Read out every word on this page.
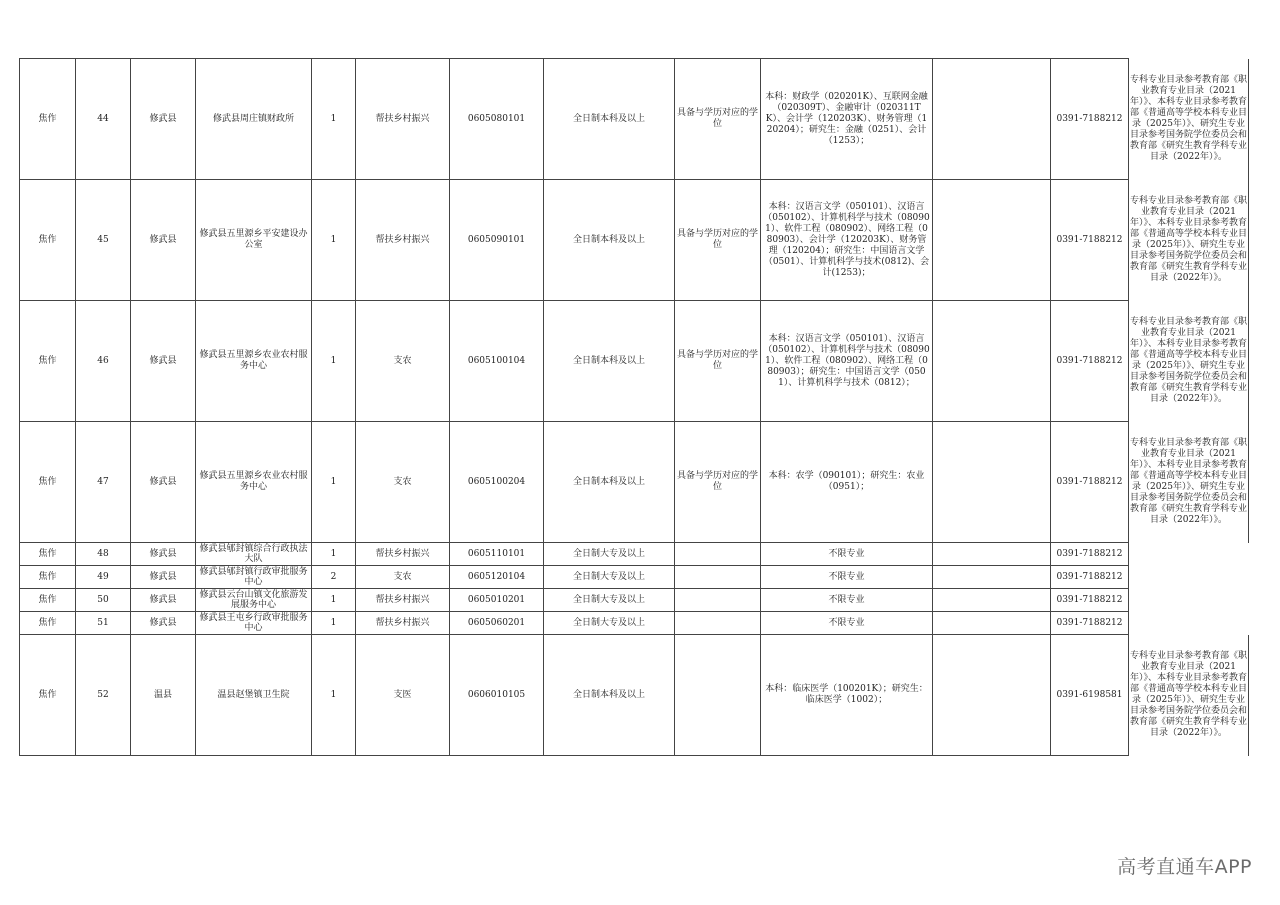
焦作	44	修武县	修武县周庄镇财政所	1	帮扶乡村振兴	0605080101	全日制本科及以上	具备与学历对应的学位	本科：财政学（020201K）、互联网金融（020309T）、金融审计（020311TK）、会计学（120203K）、财务管理（120204）；研究生：金融（0251）、会计（1253）；		0391-7188212	专科专业目录参考教育部《职业教育专业目录（2021年）》、本科专业目录参考教育部《普通高等学校本科专业目录（2025年）》、研究生专业目录参考国务院学位委员会和教育部《研究生教育学科专业目录（2022年）》。
焦作	45	修武县	修武县五里源乡平安建设办公室	1	帮扶乡村振兴	0605090101	全日制本科及以上	具备与学历对应的学位	本科：汉语言文学（050101）、汉语言（050102）、计算机科学与技术（080901）、软件工程（080902）、网络工程（080903）、会计学（120203K）、财务管理（120204）；研究生：中国语言文学（0501）、计算机科学与技术(0812)、会计(1253)；		0391-7188212	专科专业目录参考教育部《职业教育专业目录（2021年）》、本科专业目录参考教育部《普通高等学校本科专业目录（2025年）》、研究生专业目录参考国务院学位委员会和教育部《研究生教育学科专业目录（2022年）》。
焦作	46	修武县	修武县五里源乡农业农村服务中心	1	支农	0605100104	全日制本科及以上	具备与学历对应的学位	本科：汉语言文学（050101）、汉语言（050102）、计算机科学与技术（080901）、软件工程（080902）、网络工程（080903）；研究生：中国语言文学（0501）、计算机科学与技术（0812）；		0391-7188212	专科专业目录参考教育部《职业教育专业目录（2021年）》、本科专业目录参考教育部《普通高等学校本科专业目录（2025年）》、研究生专业目录参考国务院学位委员会和教育部《研究生教育学科专业目录（2022年）》。
焦作	47	修武县	修武县五里源乡农业农村服务中心	1	支农	0605100204	全日制本科及以上	具备与学历对应的学位	本科：农学（090101）；研究生：农业（0951）；		0391-7188212	专科专业目录参考教育部《职业教育专业目录（2021年）》、本科专业目录参考教育部《普通高等学校本科专业目录（2025年）》、研究生专业目录参考国务院学位委员会和教育部《研究生教育学科专业目录（2022年）》。
焦作	48	修武县	修武县郇封镇综合行政执法大队	1	帮扶乡村振兴	0605110101	全日制大专及以上		不限专业		0391-7188212	
焦作	49	修武县	修武县郇封镇行政审批服务中心	2	支农	0605120104	全日制大专及以上		不限专业		0391-7188212	
焦作	50	修武县	修武县云台山镇文化旅游发展服务中心	1	帮扶乡村振兴	0605010201	全日制大专及以上		不限专业		0391-7188212	
焦作	51	修武县	修武县王屯乡行政审批服务中心	1	帮扶乡村振兴	0605060201	全日制大专及以上		不限专业		0391-7188212	
焦作	52	温县	温县赵堡镇卫生院	1	支医	0606010105	全日制本科及以上		本科：临床医学（100201K）；研究生：临床医学（1002）；		0391-6198581	专科专业目录参考教育部《职业教育专业目录（2021年）》、本科专业目录参考教育部《普通高等学校本科专业目录（2025年）》、研究生专业目录参考国务院学位委员会和教育部《研究生教育学科专业目录（2022年）》。
高考直通车APP
